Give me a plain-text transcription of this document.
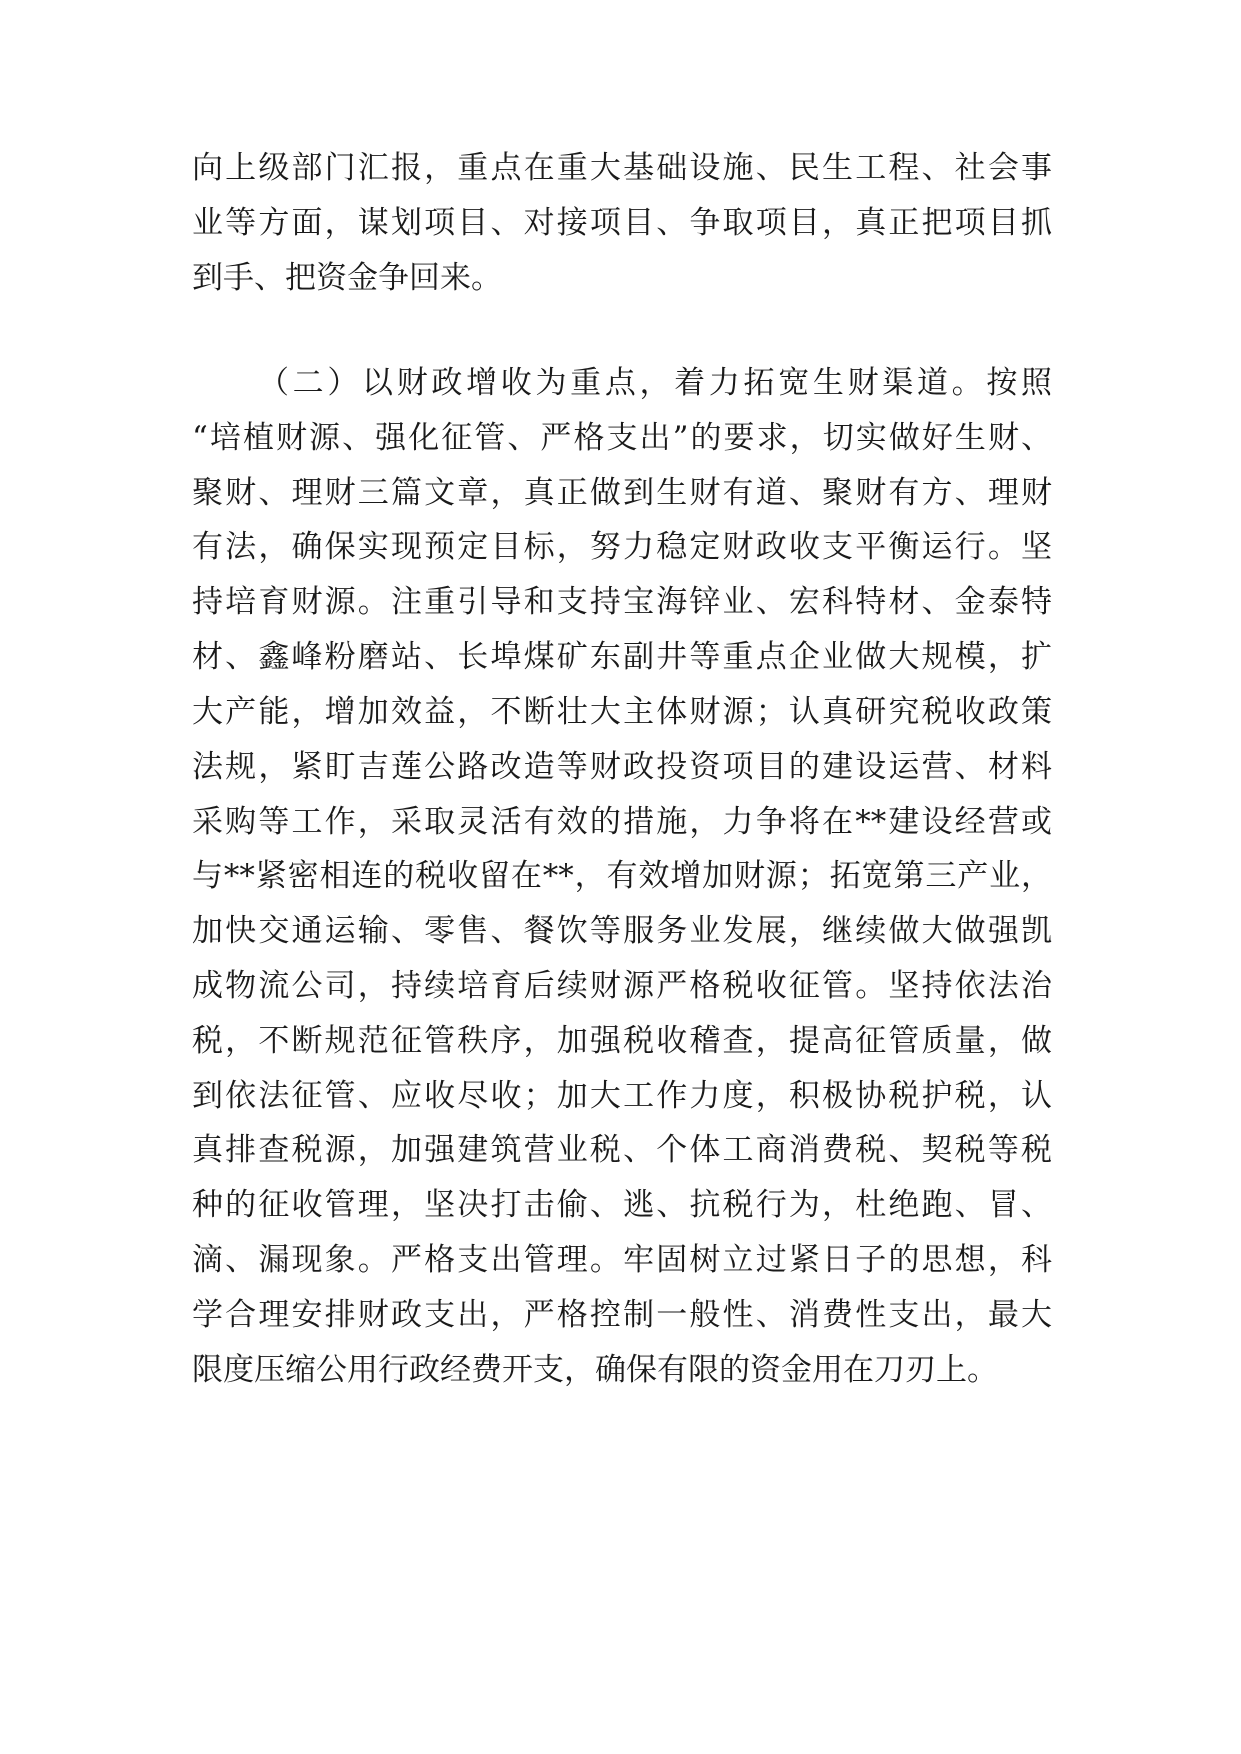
向上级部门汇报，重点在重大基础设施、民生工程、社会事
业等方面，谋划项目、对接项目、争取项目，真正把项目抓
到手、把资金争回来。
（二）以财政增收为重点，着力拓宽生财渠道。按照
“培植财源、强化征管、严格支出”的要求，切实做好生财、
聚财、理财三篇文章，真正做到生财有道、聚财有方、理财
有法，确保实现预定目标，努力稳定财政收支平衡运行。坚
持培育财源。注重引导和支持宝海锌业、宏科特材、金泰特
材、鑫峰粉磨站、长埠煤矿东副井等重点企业做大规模，扩
大产能，增加效益，不断壮大主体财源；认真研究税收政策
法规，紧盯吉莲公路改造等财政投资项目的建设运营、材料
采购等工作，采取灵活有效的措施，力争将在**建设经营或
与**紧密相连的税收留在**，有效增加财源；拓宽第三产业，
加快交通运输、零售、餐饮等服务业发展，继续做大做强凯
成物流公司，持续培育后续财源严格税收征管。坚持依法治
税，不断规范征管秩序，加强税收稽查，提高征管质量，做
到依法征管、应收尽收；加大工作力度，积极协税护税，认
真排查税源，加强建筑营业税、个体工商消费税、契税等税
种的征收管理，坚决打击偷、逃、抗税行为，杜绝跑、冒、
滴、漏现象。严格支出管理。牢固树立过紧日子的思想，科
学合理安排财政支出，严格控制一般性、消费性支出，最大
限度压缩公用行政经费开支，确保有限的资金用在刀刃上。
